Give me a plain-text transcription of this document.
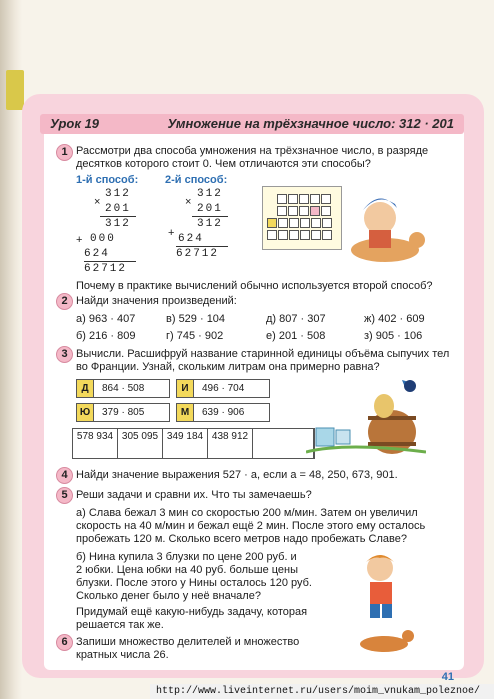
Урок 19	Умножение на трёхзначное число: 312 · 201
1 Рассмотри два способа умножения на трёхзначное число, в разряде
десятков которого стоит 0. Чем отличаются эти способы?
1-й способ: 2-й способ:
×
312
201
312
+ 000
624
62712
×
312
201
312
+ 624
62712
Почему в практике вычислений обычно используется второй способ?
2 Найди значения произведений:
а) 963 · 407	в) 529 · 104	д) 807 · 307	ж) 402 · 609
б) 216 · 809	г) 745 · 902	е) 201 · 508	з) 905 · 106
3 Вычисли. Расшифруй название старинной единицы объёма сыпучих тел
во Франции. Узнай, скольким литрам она примерно равна?
Д	864 · 508	И	496 · 704
Ю	379 · 805	М	639 · 906
578 934 305 095 349 184 438 912
4 Найди значение выражения 527 · a, если a = 48, 250, 673, 901.
5 Реши задачи и сравни их. Что ты замечаешь?
а) Слава бежал 3 мин со скоростью 200 м/мин. Затем он увеличил
скорость на 40 м/мин и бежал ещё 2 мин. После этого ему осталось
пробежать 120 м. Сколько всего метров надо пробежать Славе?
б) Нина купила 3 блузки по цене 200 руб. и
2 юбки. Цена юбки на 40 руб. больше цены
блузки. После этого у Нины осталось 120 руб.
Сколько денег было у неё вначале?
Придумай ещё какую-нибудь задачу, которая
решается так же.
6 Запиши множество делителей и множество
кратных числа 26.
41
http://www.liveinternet.ru/users/moim_vnukam_poleznoe/
